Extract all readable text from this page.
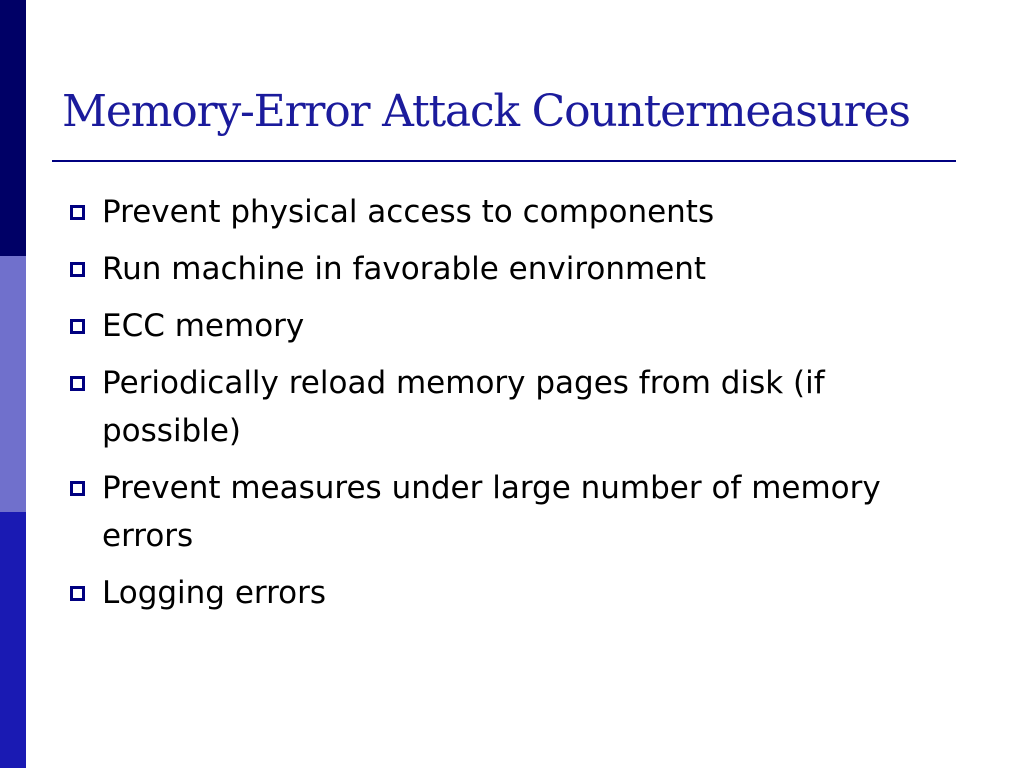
Memory-Error Attack Countermeasures
Prevent physical access to components
Run machine in favorable environment
ECC memory
Periodically reload memory pages from disk (if possible)
Prevent measures under large number of memory errors
Logging errors
